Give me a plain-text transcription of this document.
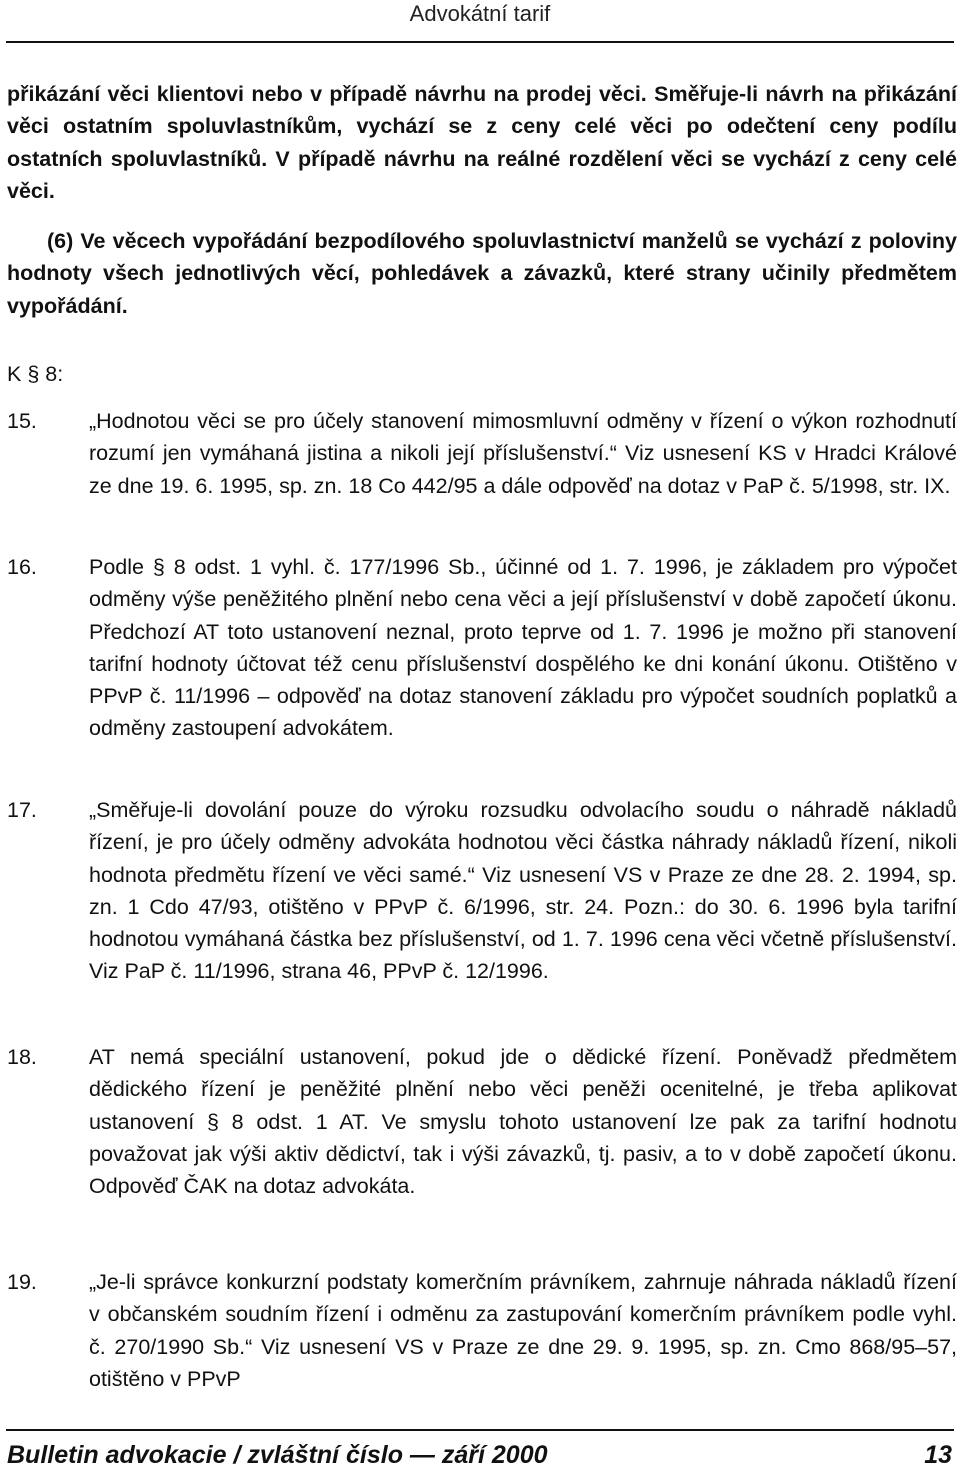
Advokátní tarif
přikázání věci klientovi nebo v případě návrhu na prodej věci. Směřuje-li návrh na přikázání věci ostatním spoluvlastníkům, vychází se z ceny celé věci po odečtení ceny podílu ostatních spoluvlastníků. V případě návrhu na reálné rozdělení věci se vychází z ceny celé věci.
(6) Ve věcech vypořádání bezpodílového spoluvlastnictví manželů se vychází z poloviny hodnoty všech jednotlivých věcí, pohledávek a závazků, které strany učinily předmětem vypořádání.
K § 8:
15.	„Hodnotou věci se pro účely stanovení mimosmluvní odměny v řízení o výkon rozhodnutí rozumí jen vymáhaná jistina a nikoli její příslušenství.“ Viz usnesení KS v Hradci Králové ze dne 19. 6. 1995, sp. zn. 18 Co 442/95 a dále odpověď na dotaz v PaP č. 5/1998, str. IX.
16.	Podle § 8 odst. 1 vyhl. č. 177/1996 Sb., účinné od 1. 7. 1996, je základem pro výpočet odměny výše peněžitého plnění nebo cena věci a její příslušenství v době započetí úkonu. Předchozí AT toto ustanovení neznal, proto teprve od 1. 7. 1996 je možno při stanovení tarifní hodnoty účtovat též cenu příslušenství dospělého ke dni konání úkonu. Otištěno v PPvP č. 11/1996 – odpověď na dotaz stanovení základu pro výpočet soudních poplatků a odměny zastoupení advokátem.
17.	„Směřuje-li dovolání pouze do výroku rozsudku odvolacího soudu o náhradě nákladů řízení, je pro účely odměny advokáta hodnotou věci částka náhrady nákladů řízení, nikoli hodnota předmětu řízení ve věci samé.“ Viz usnesení VS v Praze ze dne 28. 2. 1994, sp. zn. 1 Cdo 47/93, otištěno v PPvP č. 6/1996, str. 24. Pozn.: do 30. 6. 1996 byla tarifní hodnotou vymáhaná částka bez příslušenství, od 1. 7. 1996 cena věci včetně příslušenství. Viz PaP č. 11/1996, strana 46, PPvP č. 12/1996.
18.	AT nemá speciální ustanovení, pokud jde o dědické řízení. Poněvadž předmětem dědického řízení je peněžité plnění nebo věci peněži ocenitelné, je třeba aplikovat ustanovení § 8 odst. 1 AT. Ve smyslu tohoto ustanovení lze pak za tarifní hodnotu považovat jak výši aktiv dědictví, tak i výši závazků, tj. pasiv, a to v době započetí úkonu. Odpověď ČAK na dotaz advokáta.
19.	„Je-li správce konkurzní podstaty komerčním právníkem, zahrnuje náhrada nákladů řízení v občanském soudním řízení i odměnu za zastupování komerčním právníkem podle vyhl. č. 270/1990 Sb.“ Viz usnesení VS v Praze ze dne 29. 9. 1995, sp. zn. Cmo 868/95–57, otištěno v PPvP
Bulletin advokacie / zvláštní číslo — září 2000	13
